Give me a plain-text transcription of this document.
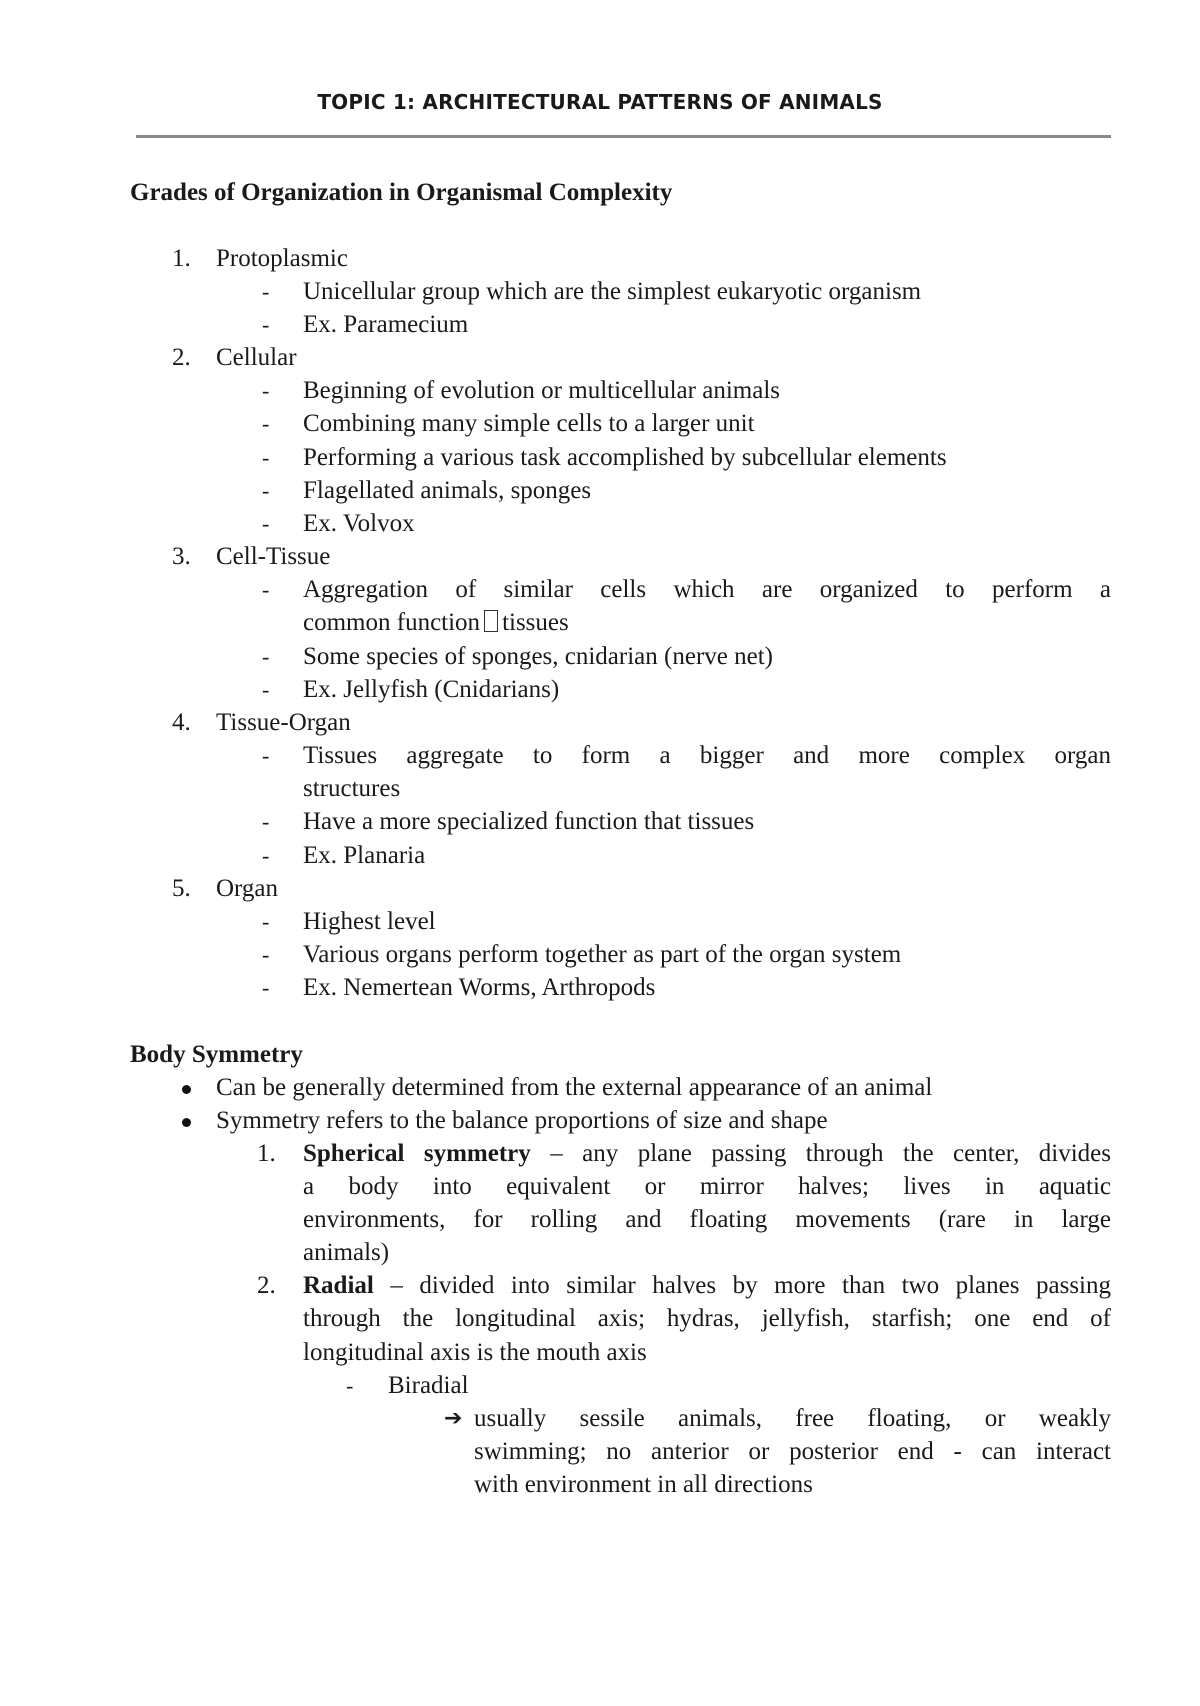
TOPIC 1: ARCHITECTURAL PATTERNS OF ANIMALS
Grades of Organization in Organismal Complexity
1. Protoplasmic
- Unicellular group which are the simplest eukaryotic organism
- Ex. Paramecium
2. Cellular
- Beginning of evolution or multicellular animals
- Combining many simple cells to a larger unit
- Performing a various task accomplished by subcellular elements
- Flagellated animals, sponges
- Ex. Volvox
3. Cell-Tissue
- Aggregation of similar cells which are organized to perform a
common function tissues
- Some species of sponges, cnidarian (nerve net)
- Ex. Jellyfish (Cnidarians)
4. Tissue-Organ
- Tissues aggregate to form a bigger and more complex organ
structures
- Have a more specialized function that tissues
- Ex. Planaria
5. Organ
- Highest level
- Various organs perform together as part of the organ system
- Ex. Nemertean Worms, Arthropods
Body Symmetry
Can be generally determined from the external appearance of an animal
Symmetry refers to the balance proportions of size and shape
1. Spherical symmetry – any plane passing through the center, divides
a body into equivalent or mirror halves; lives in aquatic
environments, for rolling and floating movements (rare in large
animals)
2. Radial – divided into similar halves by more than two planes passing
through the longitudinal axis; hydras, jellyfish, starfish; one end of
longitudinal axis is the mouth axis
- Biradial
➔ usually sessile animals, free floating, or weakly
swimming; no anterior or posterior end - can interact
with environment in all directions
